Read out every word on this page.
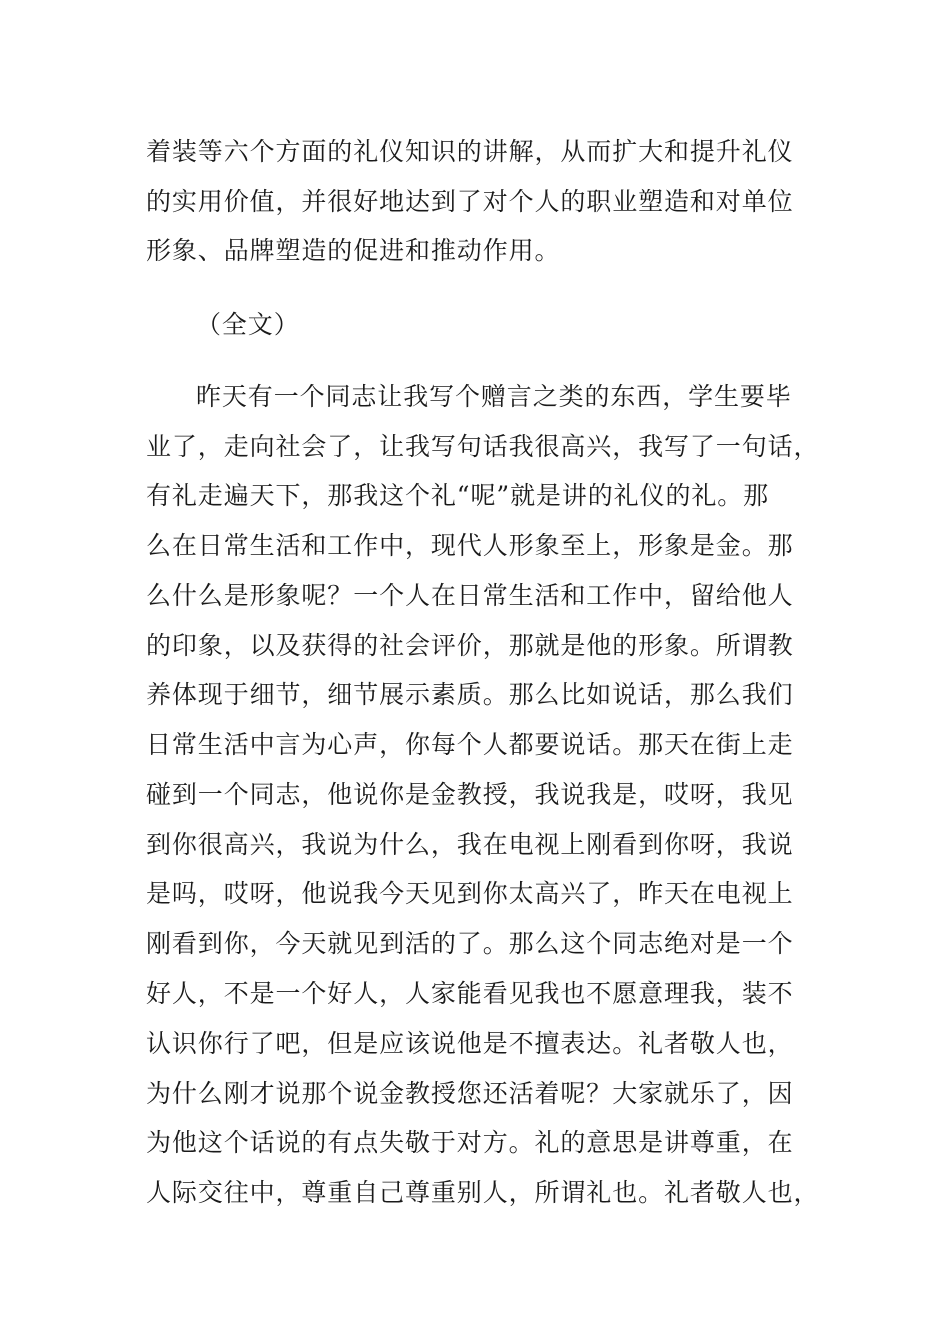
着装等六个方面的礼仪知识的讲解，从而扩大和提升礼仪
的实用价值，并很好地达到了对个人的职业塑造和对单位
形象、品牌塑造的促进和推动作用。
（全文）
昨天有一个同志让我写个赠言之类的东西，学生要毕
业了，走向社会了，让我写句话我很高兴，我写了一句话，
有礼走遍天下，那我这个礼“呢”就是讲的礼仪的礼。那
么在日常生活和工作中，现代人形象至上，形象是金。那
么什么是形象呢？一个人在日常生活和工作中，留给他人
的印象，以及获得的社会评价，那就是他的形象。所谓教
养体现于细节，细节展示素质。那么比如说话，那么我们
日常生活中言为心声，你每个人都要说话。那天在街上走
碰到一个同志，他说你是金教授，我说我是，哎呀，我见
到你很高兴，我说为什么，我在电视上刚看到你呀，我说
是吗，哎呀，他说我今天见到你太高兴了，昨天在电视上
刚看到你，今天就见到活的了。那么这个同志绝对是一个
好人，不是一个好人，人家能看见我也不愿意理我，装不
认识你行了吧，但是应该说他是不擅表达。礼者敬人也，
为什么刚才说那个说金教授您还活着呢？大家就乐了，因
为他这个话说的有点失敬于对方。礼的意思是讲尊重，在
人际交往中，尊重自己尊重别人，所谓礼也。礼者敬人也，
